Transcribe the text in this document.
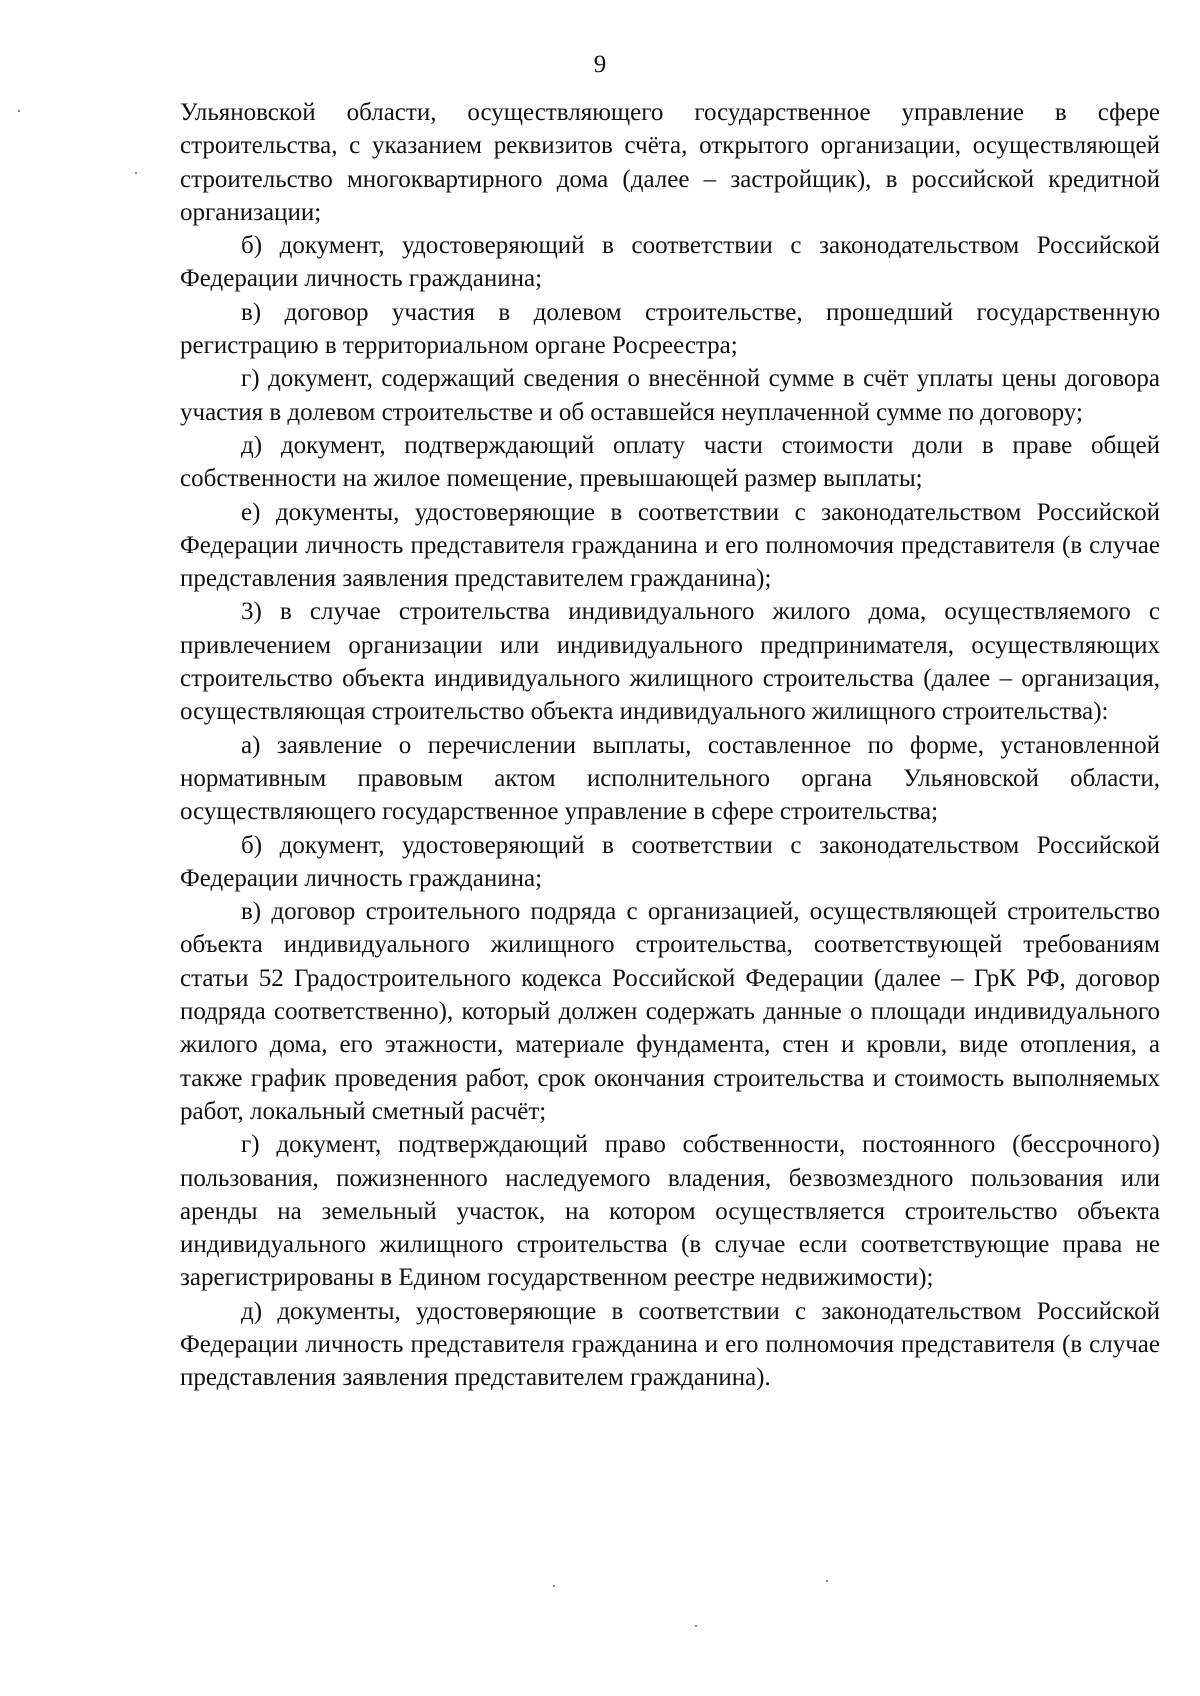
9

Ульяновской области, осуществляющего государственное управление в сфере строительства, с указанием реквизитов счёта, открытого организации, осуществляющей строительство многоквартирного дома (далее – застройщик), в российской кредитной организации;

б) документ, удостоверяющий в соответствии с законодательством Российской Федерации личность гражданина;

в) договор участия в долевом строительстве, прошедший государственную регистрацию в территориальном органе Росреестра;

г) документ, содержащий сведения о внесённой сумме в счёт уплаты цены договора участия в долевом строительстве и об оставшейся неуплаченной сумме по договору;

д) документ, подтверждающий оплату части стоимости доли в праве общей собственности на жилое помещение, превышающей размер выплаты;

е) документы, удостоверяющие в соответствии с законодательством Российской Федерации личность представителя гражданина и его полномочия представителя (в случае представления заявления представителем гражданина);

3) в случае строительства индивидуального жилого дома, осуществляемого с привлечением организации или индивидуального предпринимателя, осуществляющих строительство объекта индивидуального жилищного строительства (далее – организация, осуществляющая строительство объекта индивидуального жилищного строительства):

а) заявление о перечислении выплаты, составленное по форме, установленной нормативным правовым актом исполнительного органа Ульяновской области, осуществляющего государственное управление в сфере строительства;

б) документ, удостоверяющий в соответствии с законодательством Российской Федерации личность гражданина;

в) договор строительного подряда с организацией, осуществляющей строительство объекта индивидуального жилищного строительства, соответствующей требованиям статьи 52 Градостроительного кодекса Российской Федерации (далее – ГрК РФ, договор подряда соответственно), который должен содержать данные о площади индивидуального жилого дома, его этажности, материале фундамента, стен и кровли, виде отопления, а также график проведения работ, срок окончания строительства и стоимость выполняемых работ, локальный сметный расчёт;

г) документ, подтверждающий право собственности, постоянного (бессрочного) пользования, пожизненного наследуемого владения, безвозмездного пользования или аренды на земельный участок, на котором осуществляется строительство объекта индивидуального жилищного строительства (в случае если соответствующие права не зарегистрированы в Едином государственном реестре недвижимости);

д) документы, удостоверяющие в соответствии с законодательством Российской Федерации личность представителя гражданина и его полномочия представителя (в случае представления заявления представителем гражданина).
